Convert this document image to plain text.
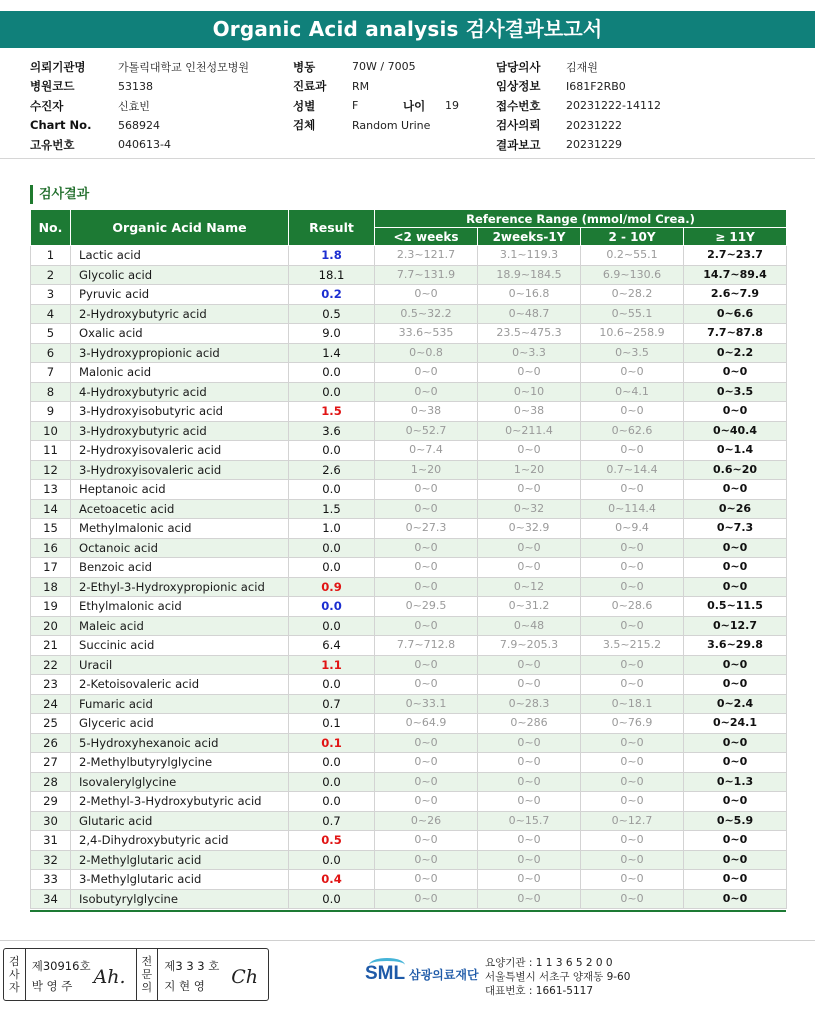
Organic Acid analysis 검사결과보고서
의뢰기관명	가톨릭대학교 인천성모병원
병원코드	53138
수진자	신효빈
Chart No.	568924
고유번호	040613-4
병동	70W / 7005
진료과	RM
성별	F	나이	19
검체	Random Urine
담당의사	김재원
임상정보	I681F2RB0
접수번호	20231222-14112
검사의뢰	20231222
결과보고	20231229
검사결과
No.	Organic Acid Name	Result	Reference Range (mmol/mol Crea.)			
			<2 weeks	2weeks-1Y	2 - 10Y	≥ 11Y
1	Lactic acid	1.8	2.3~121.7	3.1~119.3	0.2~55.1	2.7~23.7
2	Glycolic acid	18.1	7.7~131.9	18.9~184.5	6.9~130.6	14.7~89.4
3	Pyruvic acid	0.2	0~0	0~16.8	0~28.2	2.6~7.9
4	2-Hydroxybutyric acid	0.5	0.5~32.2	0~48.7	0~55.1	0~6.6
5	Oxalic acid	9.0	33.6~535	23.5~475.3	10.6~258.9	7.7~87.8
6	3-Hydroxypropionic acid	1.4	0~0.8	0~3.3	0~3.5	0~2.2
7	Malonic acid	0.0	0~0	0~0	0~0	0~0
8	4-Hydroxybutyric acid	0.0	0~0	0~10	0~4.1	0~3.5
9	3-Hydroxyisobutyric acid	1.5	0~38	0~38	0~0	0~0
10	3-Hydroxybutyric acid	3.6	0~52.7	0~211.4	0~62.6	0~40.4
11	2-Hydroxyisovaleric acid	0.0	0~7.4	0~0	0~0	0~1.4
12	3-Hydroxyisovaleric acid	2.6	1~20	1~20	0.7~14.4	0.6~20
13	Heptanoic acid	0.0	0~0	0~0	0~0	0~0
14	Acetoacetic acid	1.5	0~0	0~32	0~114.4	0~26
15	Methylmalonic acid	1.0	0~27.3	0~32.9	0~9.4	0~7.3
16	Octanoic acid	0.0	0~0	0~0	0~0	0~0
17	Benzoic acid	0.0	0~0	0~0	0~0	0~0
18	2-Ethyl-3-Hydroxypropionic acid	0.9	0~0	0~12	0~0	0~0
19	Ethylmalonic acid	0.0	0~29.5	0~31.2	0~28.6	0.5~11.5
20	Maleic acid	0.0	0~0	0~48	0~0	0~12.7
21	Succinic acid	6.4	7.7~712.8	7.9~205.3	3.5~215.2	3.6~29.8
22	Uracil	1.1	0~0	0~0	0~0	0~0
23	2-Ketoisovaleric acid	0.0	0~0	0~0	0~0	0~0
24	Fumaric acid	0.7	0~33.1	0~28.3	0~18.1	0~2.4
25	Glyceric acid	0.1	0~64.9	0~286	0~76.9	0~24.1
26	5-Hydroxyhexanoic acid	0.1	0~0	0~0	0~0	0~0
27	2-Methylbutyrylglycine	0.0	0~0	0~0	0~0	0~0
28	Isovalerylglycine	0.0	0~0	0~0	0~0	0~1.3
29	2-Methyl-3-Hydroxybutyric acid	0.0	0~0	0~0	0~0	0~0
30	Glutaric acid	0.7	0~26	0~15.7	0~12.7	0~5.9
31	2,4-Dihydroxybutyric acid	0.5	0~0	0~0	0~0	0~0
32	2-Methylglutaric acid	0.0	0~0	0~0	0~0	0~0
33	3-Methylglutaric acid	0.4	0~0	0~0	0~0	0~0
34	Isobutyrylglycine	0.0	0~0	0~0	0~0	0~0
검
사
자
제30916호
박 영 주	Ah.
전
문
의
제3 3 3 호
지 현 영	Ch	SML 삼광의료재단
요양기관 : 1 1 3 6 5 2 0 0
서울특별시 서초구 양재동 9-60
대표번호 : 1661-5117
